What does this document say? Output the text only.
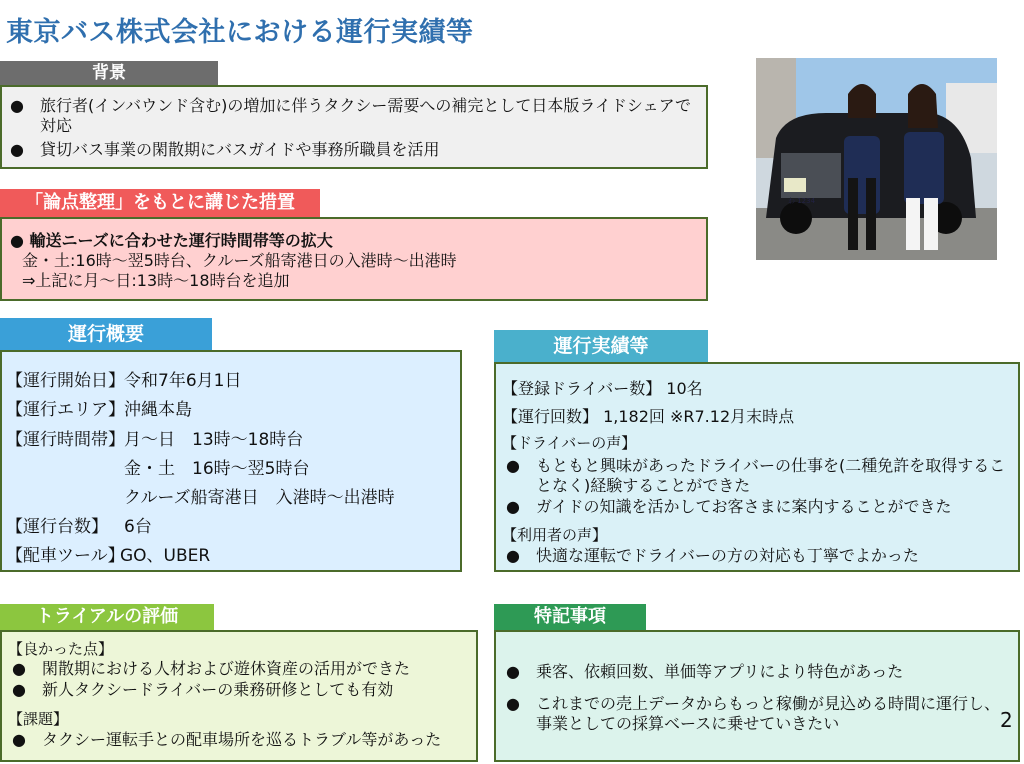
東京バス株式会社における運行実績等
背景
●	旅行者(インバウンド含む)の増加に伴うタクシー需要への補完として日本版ライドシェアで対応
●	貸切バス事業の閑散期にバスガイドや事務所職員を活用
「論点整理」をもとに講じた措置
● 輸送ニーズに合わせた運行時間帯等の拡大
金・土:16時～翌5時台、クルーズ船寄港日の入港時～出港時
⇒上記に月～日:13時～18時台を追加
わ 1234
運行概要
【運行開始日】 令和7年6月1日
【運行エリア】 沖縄本島
【運行時間帯】 月～日　13時～18時台
金・土　16時～翌5時台
クルーズ船寄港日　入港時～出港時
【運行台数】 6台
【配車ツール】
GO、UBER
運行実績等
【登録ドライバー数】 10名
【運行回数】 1,182回 ※R7.12月末時点
【ドライバーの声】
●	もともと興味があったドライバーの仕事を(二種免許を取得することなく)経験することができた
●	ガイドの知識を活かしてお客さまに案内することができた
【利用者の声】
●	快適な運転でドライバーの方の対応も丁寧でよかった
トライアルの評価
【良かった点】
●	閑散期における人材および遊休資産の活用ができた
●	新人タクシードライバーの乗務研修としても有効
【課題】
●	タクシー運転手との配車場所を巡るトラブル等があった
特記事項
●	乗客、依頼回数、単価等アプリにより特色があった
●	これまでの売上データからもっと稼働が見込める時間に運行し、事業としての採算ベースに乗せていきたい	2
